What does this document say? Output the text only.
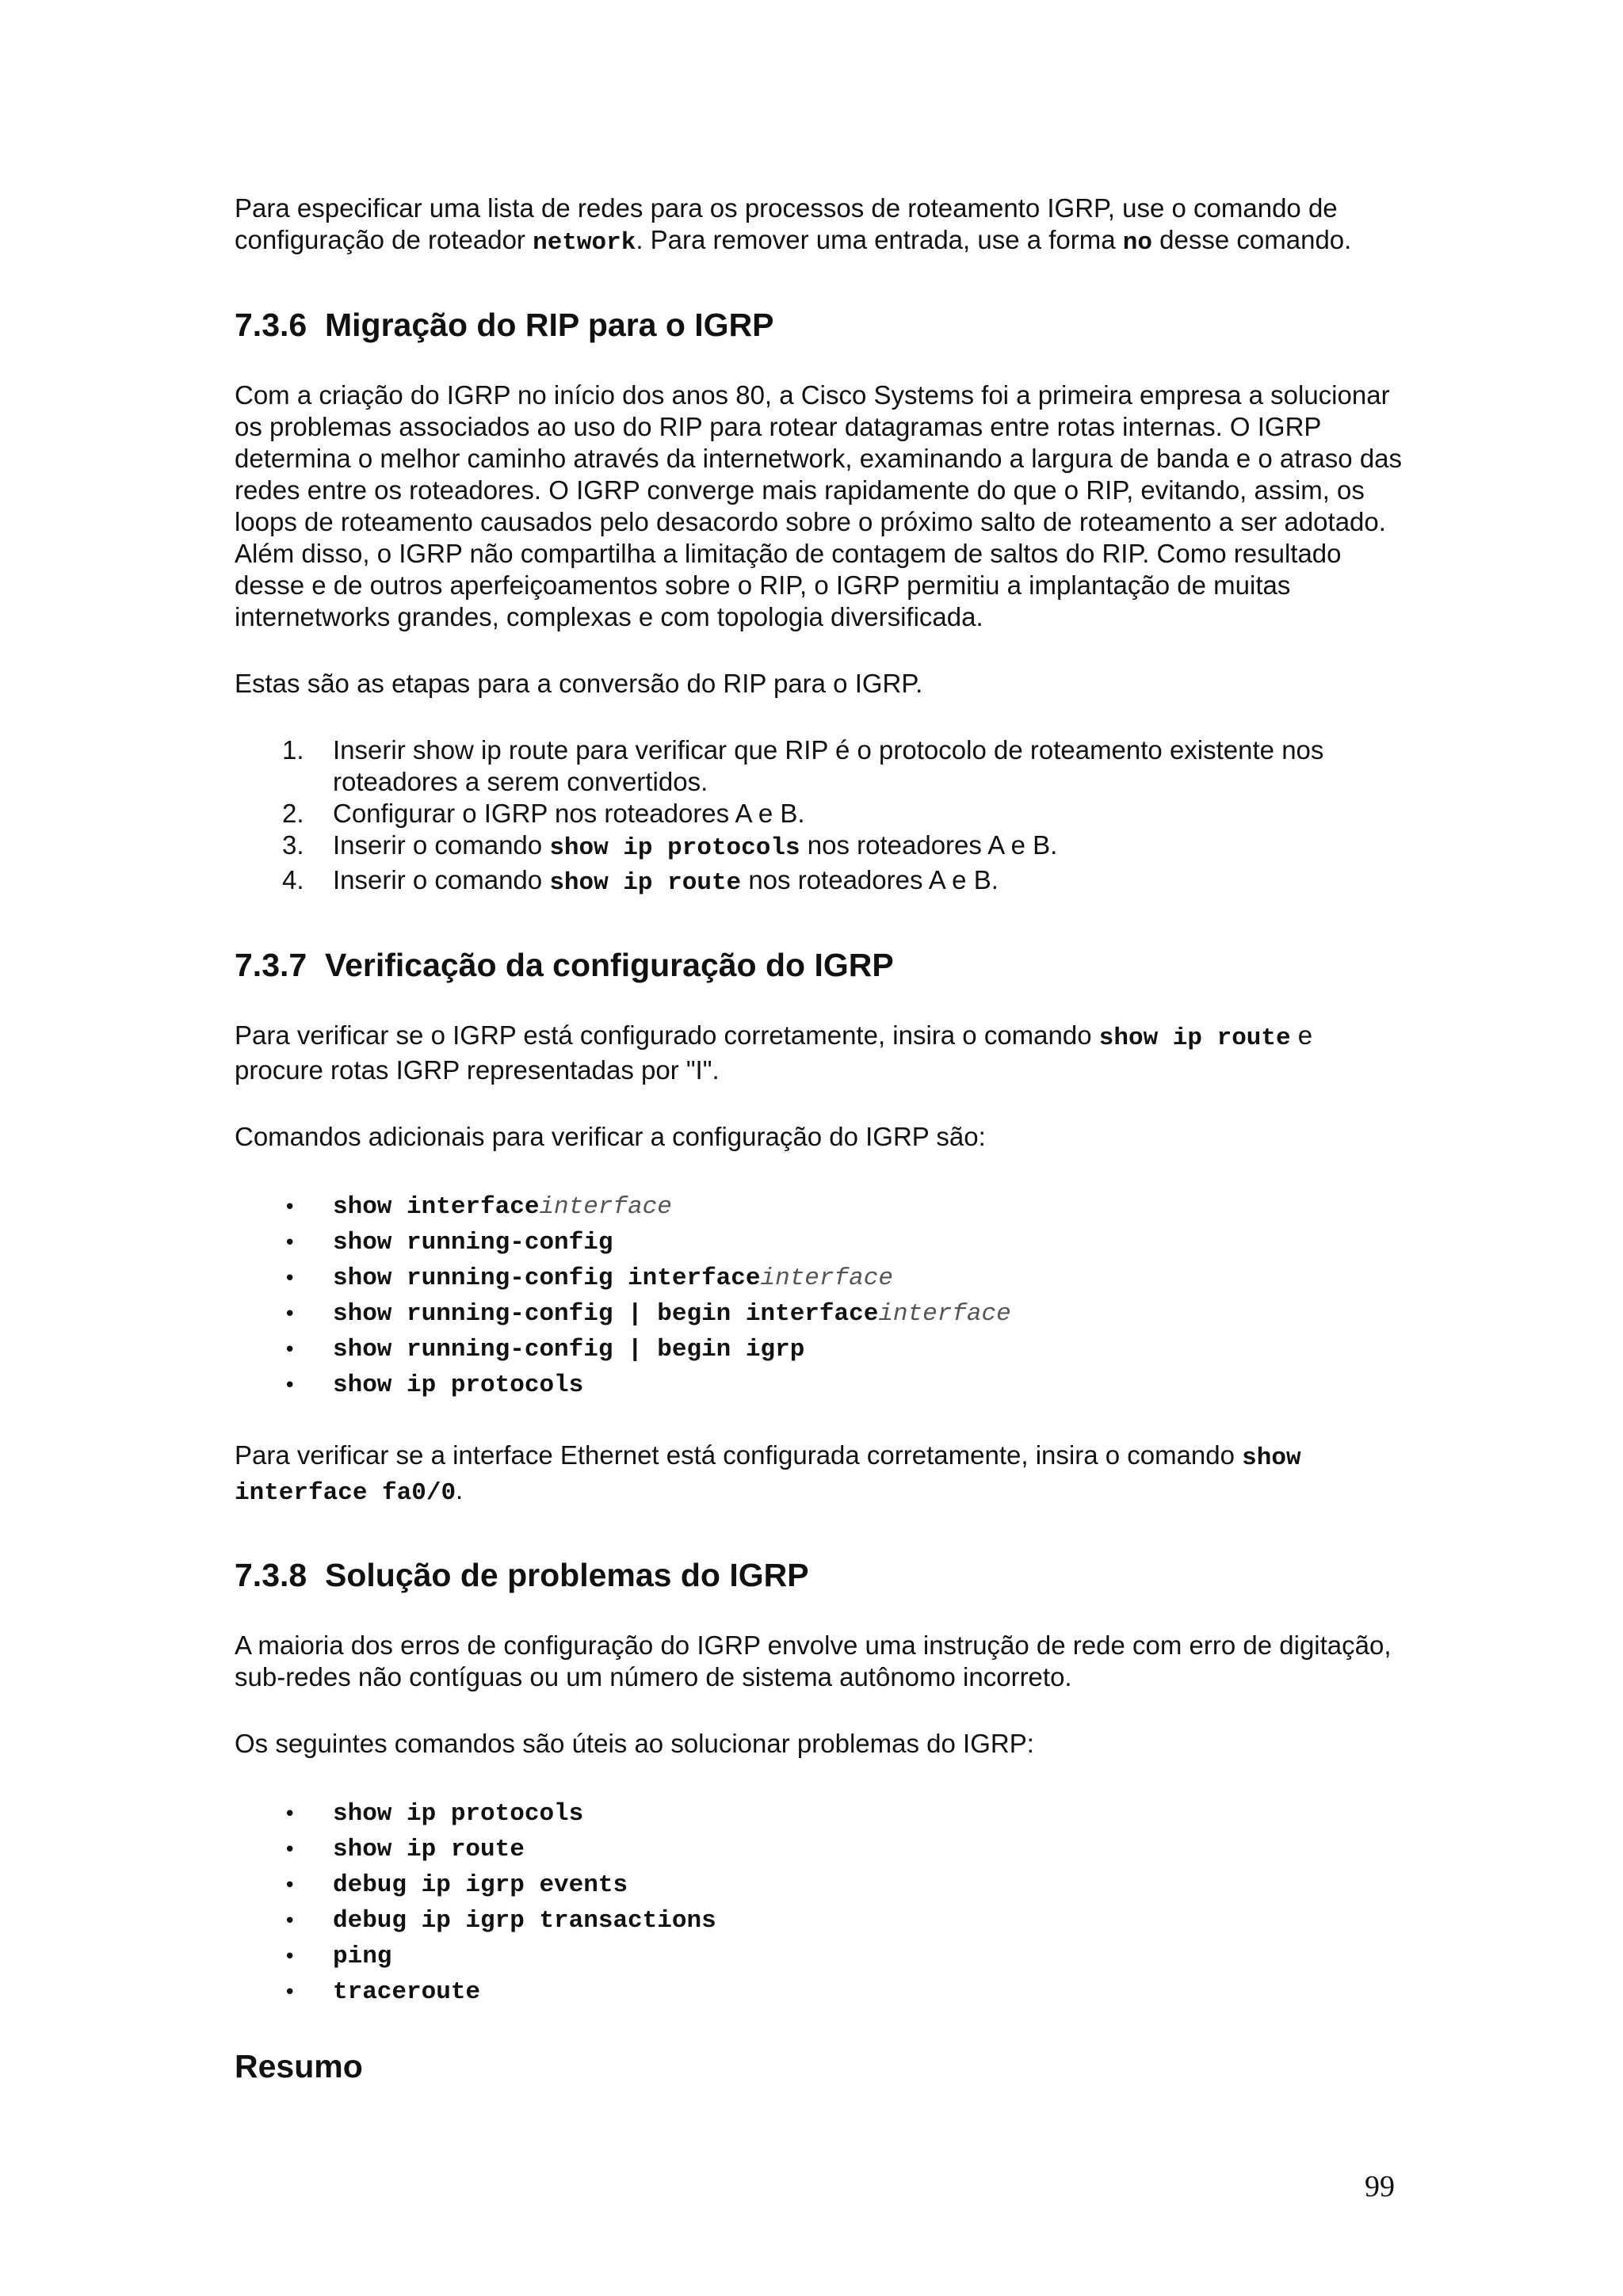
Para especificar uma lista de redes para os processos de roteamento IGRP, use o comando de configuração de roteador network. Para remover uma entrada, use a forma no desse comando.

7.3.6 Migração do RIP para o IGRP

Com a criação do IGRP no início dos anos 80, a Cisco Systems foi a primeira empresa a solucionar os problemas associados ao uso do RIP para rotear datagramas entre rotas internas. O IGRP determina o melhor caminho através da internetwork, examinando a largura de banda e o atraso das redes entre os roteadores. O IGRP converge mais rapidamente do que o RIP, evitando, assim, os loops de roteamento causados pelo desacordo sobre o próximo salto de roteamento a ser adotado. Além disso, o IGRP não compartilha a limitação de contagem de saltos do RIP. Como resultado desse e de outros aperfeiçoamentos sobre o RIP, o IGRP permitiu a implantação de muitas internetworks grandes, complexas e com topologia diversificada.

Estas são as etapas para a conversão do RIP para o IGRP.

1.	Inserir show ip route para verificar que RIP é o protocolo de roteamento existente nos roteadores a serem convertidos.
2.	Configurar o IGRP nos roteadores A e B.
3.	Inserir o comando show ip protocols nos roteadores A e B.
4.	Inserir o comando show ip route nos roteadores A e B.
7.3.7 Verificação da configuração do IGRP

Para verificar se o IGRP está configurado corretamente, insira o comando show ip route e procure rotas IGRP representadas por "I".

Comandos adicionais para verificar a configuração do IGRP são:

• show interfaceinterface
• show running-config
• show running-config interfaceinterface
• show running-config | begin interfaceinterface
• show running-config | begin igrp
• show ip protocols

Para verificar se a interface Ethernet está configurada corretamente, insira o comando show interface fa0/0.

7.3.8 Solução de problemas do IGRP

A maioria dos erros de configuração do IGRP envolve uma instrução de rede com erro de digitação, sub-redes não contíguas ou um número de sistema autônomo incorreto.

Os seguintes comandos são úteis ao solucionar problemas do IGRP:

• show ip protocols
• show ip route
• debug ip igrp events
• debug ip igrp transactions
• ping
• traceroute
Resumo
99
